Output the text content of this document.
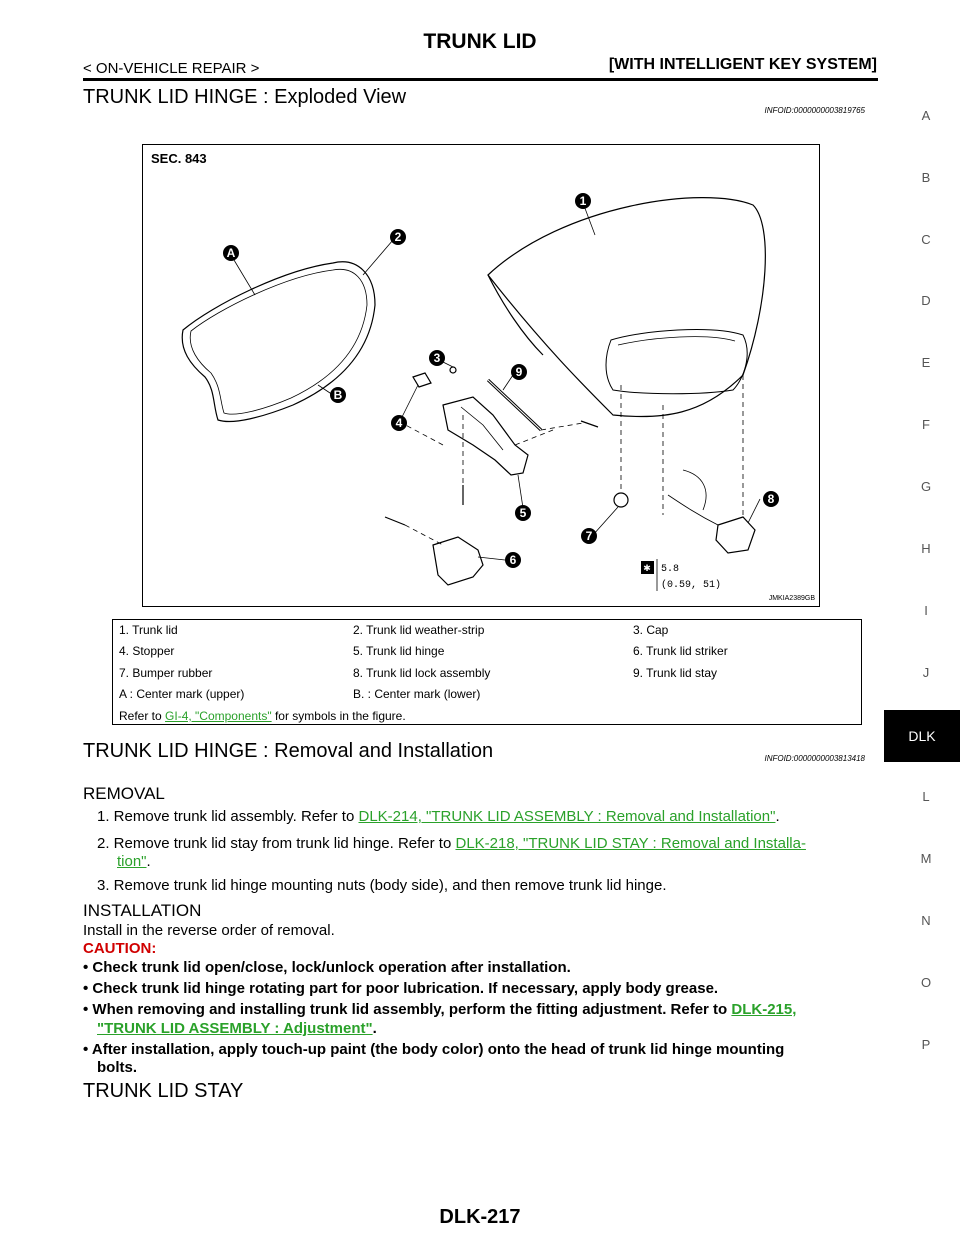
TRUNK LID
< ON-VEHICLE REPAIR >	[WITH INTELLIGENT KEY SYSTEM]
A
B
C
D
E
F
G
H
I
J
L
M
N
O
P
DLK
TRUNK LID HINGE : Exploded View
INFOID:0000000003819765
SEC. 843
1
2
3
4
5
6
7
8
9
A
B
✱ 5.8
(0.59, 51)
JMKIA2389GB
1. Trunk lid	2. Trunk lid weather-strip	3. Cap
4. Stopper	5. Trunk lid hinge	6. Trunk lid striker
7. Bumper rubber	8. Trunk lid lock assembly	9. Trunk lid stay
A : Center mark (upper)	B. : Center mark (lower)	
Refer to GI-4, "Components" for symbols in the figure.
TRUNK LID HINGE : Removal and Installation	INFOID:0000000003813418
REMOVAL
1. Remove trunk lid assembly. Refer to DLK-214, "TRUNK LID ASSEMBLY : Removal and Installation".
2. Remove trunk lid stay from trunk lid hinge. Refer to DLK-218, "TRUNK LID STAY : Removal and Installa-
tion".
3. Remove trunk lid hinge mounting nuts (body side), and then remove trunk lid hinge.
INSTALLATION
Install in the reverse order of removal.
CAUTION:
• Check trunk lid open/close, lock/unlock operation after installation.
• Check trunk lid hinge rotating part for poor lubrication. If necessary, apply body grease.
• When removing and installing trunk lid assembly, perform the fitting adjustment. Refer to DLK-215,
"TRUNK LID ASSEMBLY : Adjustment".
• After installation, apply touch-up paint (the body color) onto the head of trunk lid hinge mounting
bolts.
TRUNK LID STAY
DLK-217
